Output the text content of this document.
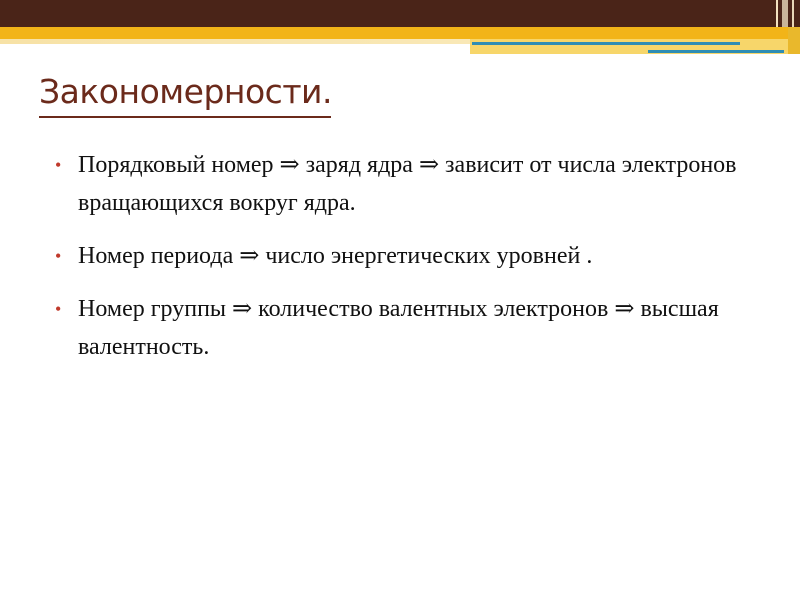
Закономерности.
• Порядковый номер ⇒ заряд ядра ⇒ зависит от числа электронов вращающихся вокруг ядра.
• Номер периода ⇒ число энергетических уровней .
• Номер группы ⇒ количество валентных электронов ⇒ высшая валентность.
